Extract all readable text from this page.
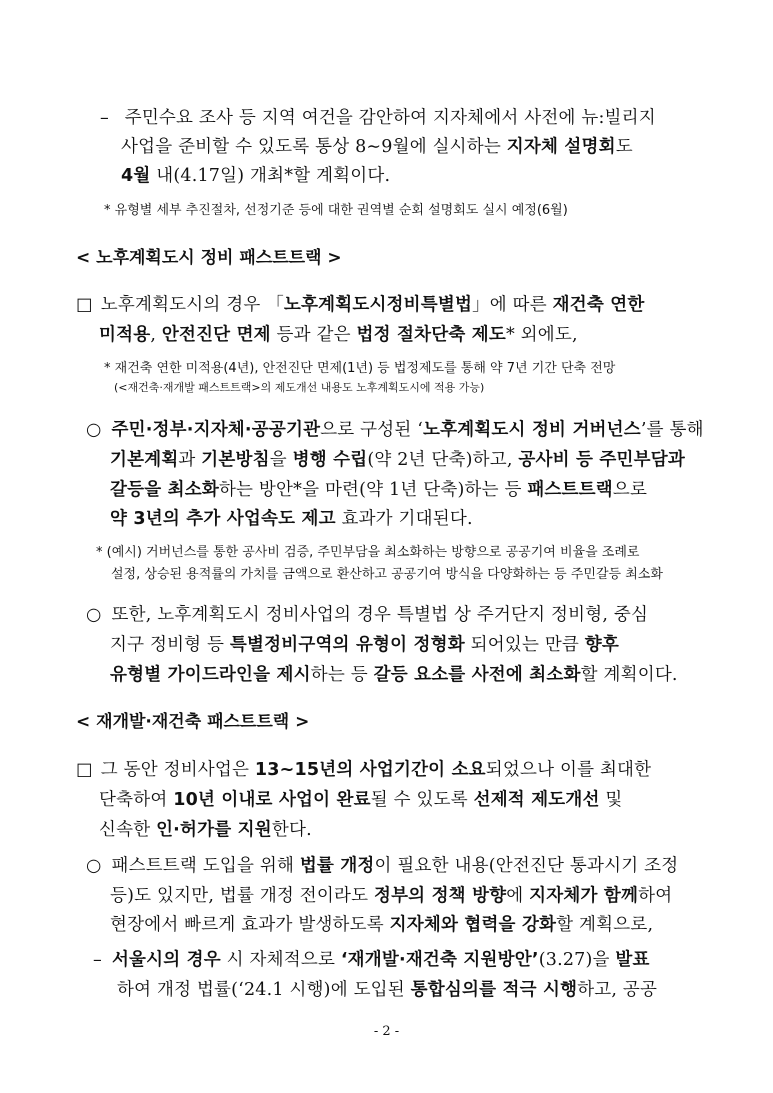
– 주민수요 조사 등 지역 여건을 감안하여 지자체에서 사전에 뉴:빌리지
사업을 준비할 수 있도록 통상 8∼9월에 실시하는 지자체 설명회도
4월 내(4.17일) 개최*할 계획이다.
* 유형별 세부 추진절차, 선정기준 등에 대한 권역별 순회 설명회도 실시 예정(6월)
< 노후계획도시 정비 패스트트랙 >
□ 노후계획도시의 경우 「노후계획도시정비특별법」에 따른 재건축 연한
미적용, 안전진단 면제 등과 같은 법정 절차단축 제도* 외에도,
* 재건축 연한 미적용(4년), 안전진단 면제(1년) 등 법정제도를 통해 약 7년 기간 단축 전망
(<재건축·재개발 패스트트랙>의 제도개선 내용도 노후계획도시에 적용 가능)
○ 주민·정부·지자체·공공기관으로 구성된 ‘노후계획도시 정비 거버넌스’를 통해
기본계획과 기본방침을 병행 수립(약 2년 단축)하고, 공사비 등 주민부담과
갈등을 최소화하는 방안*을 마련(약 1년 단축)하는 등 패스트트랙으로
약 3년의 추가 사업속도 제고 효과가 기대된다.
* (예시) 거버넌스를 통한 공사비 검증, 주민부담을 최소화하는 방향으로 공공기여 비율을 조례로
설정, 상승된 용적률의 가치를 금액으로 환산하고 공공기여 방식을 다양화하는 등 주민갈등 최소화
○ 또한, 노후계획도시 정비사업의 경우 특별법 상 주거단지 정비형, 중심
지구 정비형 등 특별정비구역의 유형이 정형화 되어있는 만큼 향후
유형별 가이드라인을 제시하는 등 갈등 요소를 사전에 최소화할 계획이다.
< 재개발·재건축 패스트트랙 >
□ 그 동안 정비사업은 13~15년의 사업기간이 소요되었으나 이를 최대한
단축하여 10년 이내로 사업이 완료될 수 있도록 선제적 제도개선 및
신속한 인·허가를 지원한다.
○ 패스트트랙 도입을 위해 법률 개정이 필요한 내용(안전진단 통과시기 조정
등)도 있지만, 법률 개정 전이라도 정부의 정책 방향에 지자체가 함께하여
현장에서 빠르게 효과가 발생하도록 지자체와 협력을 강화할 계획으로,
– 서울시의 경우 시 자체적으로 ‘재개발·재건축 지원방안’(3.27)을 발표
하여 개정 법률(‘24.1 시행)에 도입된 통합심의를 적극 시행하고, 공공
- 2 -
